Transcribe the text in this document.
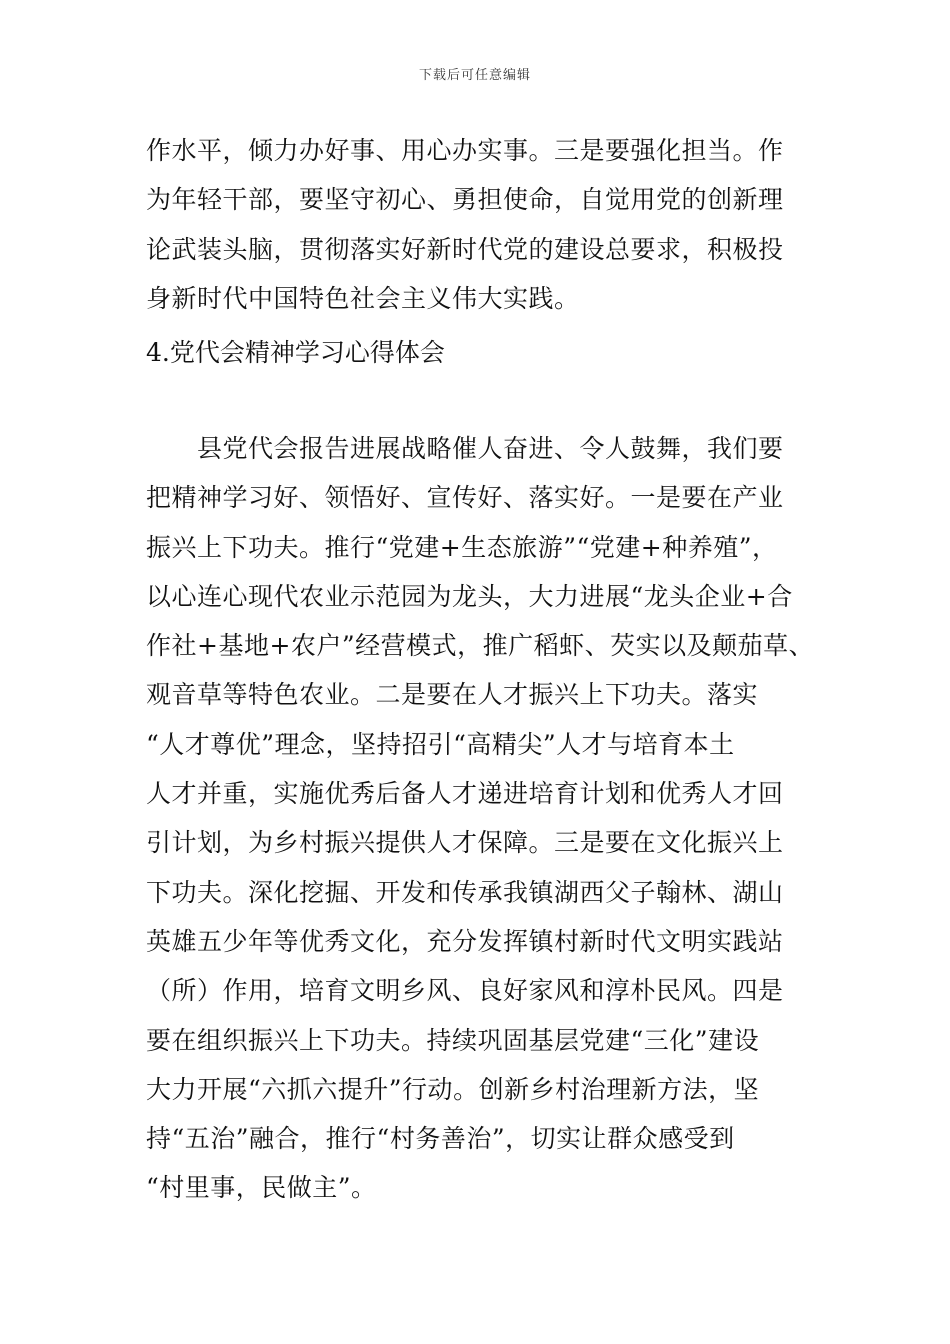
下载后可任意编辑
作水平，倾力办好事、用心办实事。三是要强化担当。作
为年轻干部，要坚守初心、勇担使命，自觉用党的创新理
论武装头脑，贯彻落实好新时代党的建设总要求，积极投
身新时代中国特色社会主义伟大实践。
4.党代会精神学习心得体会
　　县党代会报告进展战略催人奋进、令人鼓舞，我们要
把精神学习好、领悟好、宣传好、落实好。一是要在产业
振兴上下功夫。推行“党建+生态旅游”“党建+种养殖”，
以心连心现代农业示范园为龙头，大力进展“龙头企业+合
作社+基地+农户”经营模式，推广稻虾、芡实以及颠茄草、
观音草等特色农业。二是要在人才振兴上下功夫。落实
“人才尊优”理念，坚持招引“高精尖”人才与培育本土
人才并重，实施优秀后备人才递进培育计划和优秀人才回
引计划，为乡村振兴提供人才保障。三是要在文化振兴上
下功夫。深化挖掘、开发和传承我镇湖西父子翰林、湖山
英雄五少年等优秀文化，充分发挥镇村新时代文明实践站
（所）作用，培育文明乡风、良好家风和淳朴民风。四是
要在组织振兴上下功夫。持续巩固基层党建“三化”建设
大力开展“六抓六提升”行动。创新乡村治理新方法，坚
持“五治”融合，推行“村务善治”，切实让群众感受到
“村里事，民做主”。
